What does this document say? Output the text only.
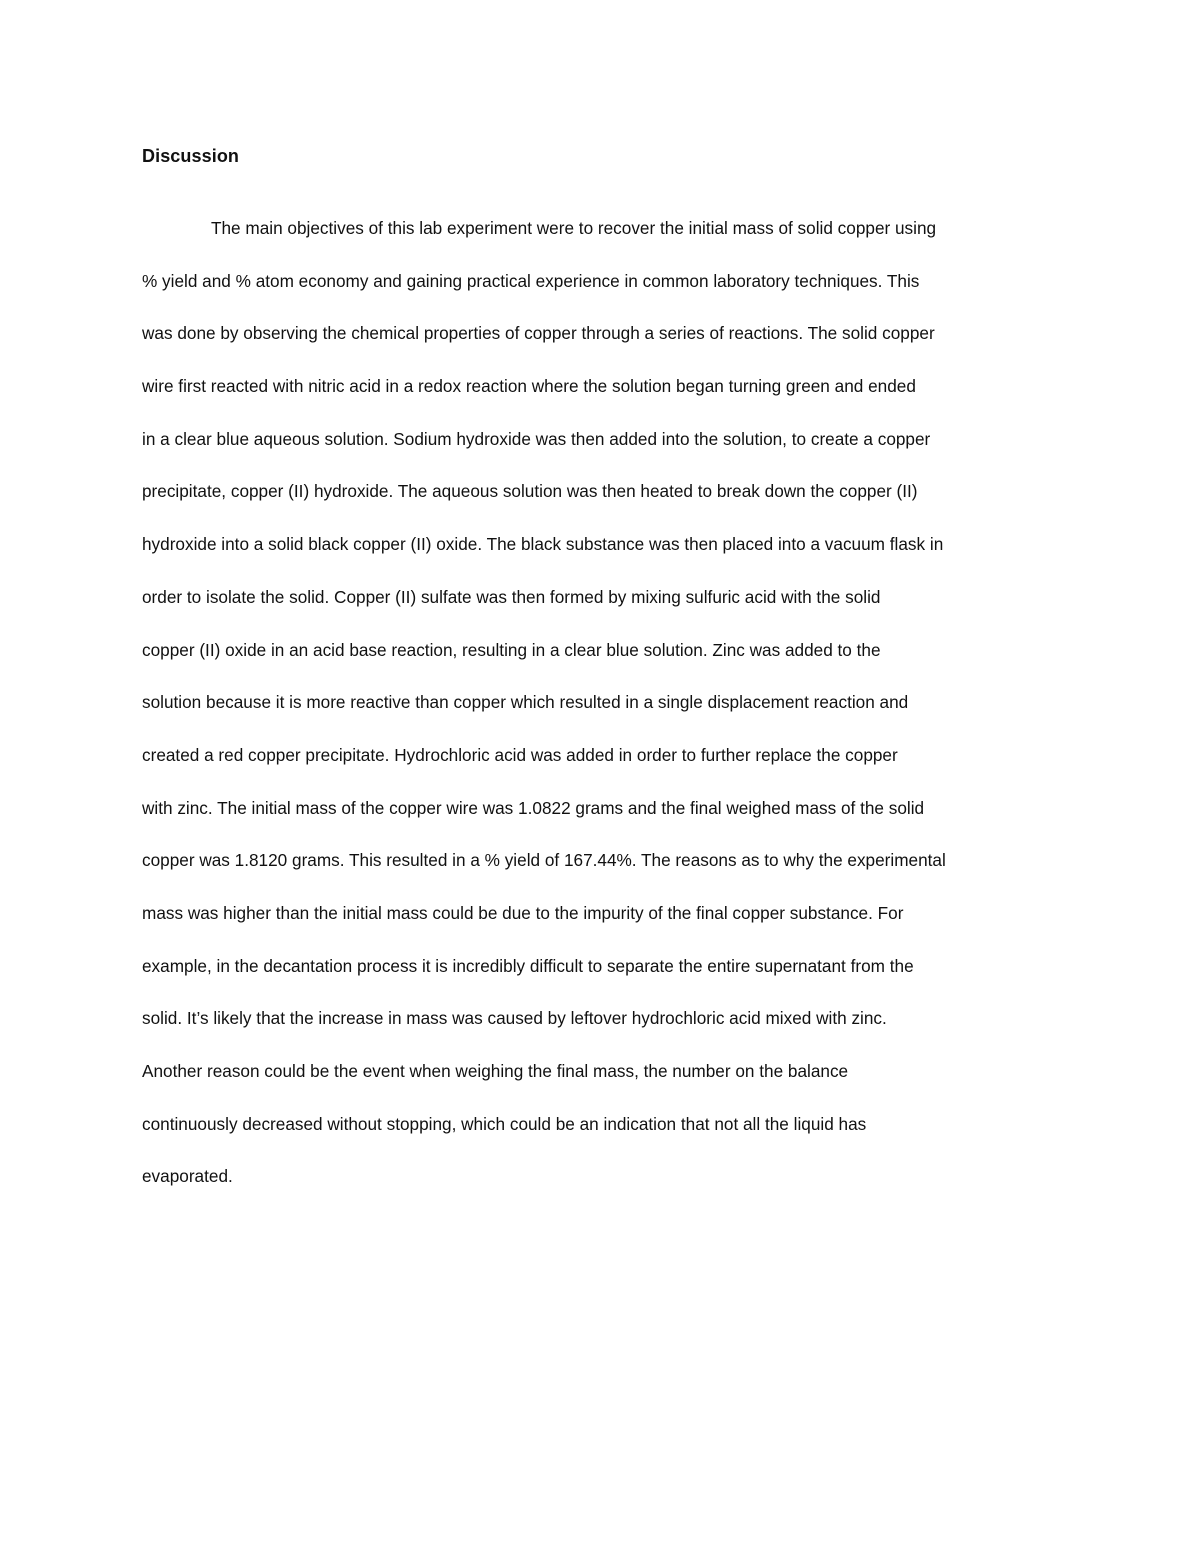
Discussion
The main objectives of this lab experiment were to recover the initial mass of solid copper using
% yield and % atom economy and gaining practical experience in common laboratory techniques. This
was done by observing the chemical properties of copper through a series of reactions. The solid copper
wire first reacted with nitric acid in a redox reaction where the solution began turning green and ended
in a clear blue aqueous solution. Sodium hydroxide was then added into the solution, to create a copper
precipitate, copper (II) hydroxide. The aqueous solution was then heated to break down the copper (II)
hydroxide into a solid black copper (II) oxide. The black substance was then placed into a vacuum flask in
order to isolate the solid. Copper (II) sulfate was then formed by mixing sulfuric acid with the solid
copper (II) oxide in an acid base reaction, resulting in a clear blue solution. Zinc was added to the
solution because it is more reactive than copper which resulted in a single displacement reaction and
created a red copper precipitate. Hydrochloric acid was added in order to further replace the copper
with zinc. The initial mass of the copper wire was 1.0822 grams and the final weighed mass of the solid
copper was 1.8120 grams. This resulted in a % yield of 167.44%. The reasons as to why the experimental
mass was higher than the initial mass could be due to the impurity of the final copper substance. For
example, in the decantation process it is incredibly difficult to separate the entire supernatant from the
solid. It’s likely that the increase in mass was caused by leftover hydrochloric acid mixed with zinc.
Another reason could be the event when weighing the final mass, the number on the balance
continuously decreased without stopping, which could be an indication that not all the liquid has
evaporated.
